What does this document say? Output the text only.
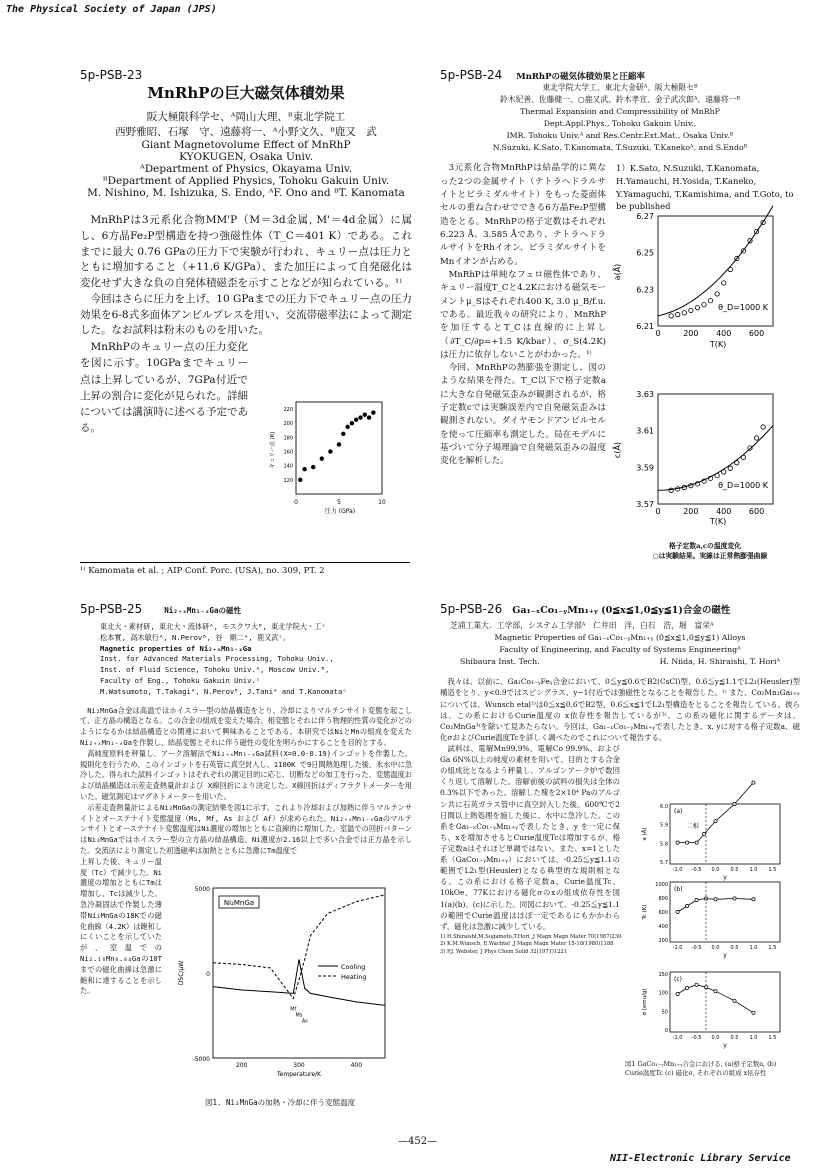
The Physical Society of Japan (JPS)
5p-PSB-23
MnRhPの巨大磁気体積効果
阪大極限科学セ、ᴬ岡山大理、ᴮ東北学院工
西野雅昭、石塚　守、遠藤将一、ᴬ小野文久、ᴮ鹿又　武
Giant Magnetovolume Effect of MnRhP
KYOKUGEN, Osaka Univ.
ᴬDepartment of Physics, Okayama Univ.
ᴮDepartment of Applied Physics, Tohoku Gakuin Univ.
M. Nishino, M. Ishizuka, S. Endo, ᴬF. Ono and ᴮT. Kanomata
MnRhPは3元系化合物MM'P（M＝3d金属, M'＝4d金属）に属し、6方晶Fe₂P型構造を持つ強磁性体（T_C＝401 K）である。これまでに最大 0.76 GPaの圧力下で実験が行われ、キュリー点は圧力とともに増加すること（+11.6 K/GPa）、また加圧によって自発磁化は変化せず大きな負の自発体積磁歪を示すことなどが知られている。¹⁾
今回はさらに圧力を上げ、10 GPaまでの圧力下でキュリー点の圧力効果を6-8式多面体アンビルプレスを用い、交流帯磁率法によって測定した。なお試料は粉末のものを用いた。
MnRhPのキュリー点の圧力変化を図に示す。10GPaまでキュリー点は上昇しているが、7GPa付近で上昇の割合に変化が見られた。詳細については講演時に述べる予定である。
0	5	10
220
200
180
160
140
120
圧力 (GPa)
キュリー点 (K)
¹⁾ Kamomata et al. ; AIP Conf. Porc. (USA), no. 309, PT. 2
5p-PSB-24 MnRhPの磁気体積効果と圧縮率
東北学院大学工、東北大金研ᴬ、阪大極限セᴮ
鈴木紀善、佐藤健一、○鹿又武、鈴木孝宣、金子武次郎ᴬ、遠藤将一ᴮ
Thermal Expansion and Compressibility of MnRhP
Dept.Appl.Phys., Tohoku Gakuin Univ.,
IMR. Tohoku Univ.ᴬ and Res.Centr.Ext.Mat., Osaka Univ.ᴮ
N.Suzuki, K.Sato, T.Kanomata, T.Suzuki, T.Kanekoᴬ, and S.Endoᴮ
3元系化合物MnRhPは結晶学的に異なった2つの金属サイト（テトラヘドラルサイトとピラミダルサイト）をもった菱面体セルの重ね合わせでできる6方晶Fe₂P型構造をとる。MnRhPの格子定数はそれぞれ6.223 Å、3.585 Åであり、テトラヘドラルサイトをRhイオン、ピラミダルサイトをMnイオンが占める。
MnRhPは単純なフェロ磁性体であり、キュリー温度T_Cと4.2Kにおける磁気モーメントμ_Sはそれぞれ400 K, 3.0 μ_B/f.u.である。最近我々の研究により、MnRhPを加圧するとT_Cは直線的に上昇し（∂T_C/∂p=+1.5 K/kbar）、σ_S(4.2K)は圧力に依存しないことがわかった。¹⁾
今回、MnRhPの熱膨張を測定し、図のような結果を得た。T_C以下で格子定数aに大きな自発磁気歪みが観測されるが、格子定数cでは実験誤差内で自発磁気歪みは観測されない。ダイヤモンドアンビルセルを使って圧縮率も測定した。局在モデルに基づいて分子場理論で自発磁気歪みの温度変化を解析した。
1）K.Sato, N.Suzuki, T.Kanomata, H.Yamauchi, H.Yosida, T.Kaneko, Y.Yamaguchi, T.Kamishima, and T.Goto, to be published
6.27
6.25
6.23
6.21
0	200 400 600
T(K)
a(Å)
θ_D=1000 K
3.63
3.61
3.59
3.57
0	200 400 600
T(K)
c(Å)
θ_D=1000 K
格子定数a,cの温度変化
○は実験結果。実線は正常熱膨張曲線
5p-PSB-25	Ni₂₊ₓMn₁₋ₓGaの磁性
東北大・素材研, 東北大・流体研ᴬ, モスクワ大ᴮ, 東北学院大・工ᶜ
松本實, 高木敏行ᴬ, N.Perovᴮ, 谷　順二ᴬ, 鹿又武ᶜ。
Magnetic properties of Ni₂₊ₓMn₁₋ₓGa
Inst. for Advanced Materials Processing, Tohoku Univ.,
Inst. of Fluid Science, Tohoku Univ.ᴬ, Moscow Univ.ᴮ,
Faculty of Eng., Tohoku Gakuin Univ.ᶜ
M.Watsumoto, T.Takagiᴬ, N.Perovᴮ, J.Taniᴬ and T.Kanomataᶜ
Ni₂MnGa合金は高温ではホイスラー型の結晶構造をとり、冷却によりマルテンサイト変態を起こして、正方晶の構造となる。この合金の組成を変えた場合、相変態とそれに伴う物理的性質の変化がどのようになるかは結晶構造との関連において興味あることである。本研究ではNiとMnの組成を変えたNi₂₊ₓMn₁₋ₓGaを作製し、結晶変態とそれに伴う磁性の変化を明らかにすることを目的とする。
高純度原料を秤量し、アーク溶解法でNi₂₊ₓMn₁₋ₓGa試料(X=0.0-0.19)インゴットを作製した。規則化を行うため、このインゴットを石英管に真空封入し、1100K で9日間熱処理した後、氷水中に急冷した。得られた試料インゴットはそれぞれの測定目的に応じ、切断などの加工を行った。変態温度および結晶構造は示差走査熱量計および X線回折により決定した。X線回折はディフラクトメーターを用いた。磁気測定はマグネトメーターを用いた。
示差走査熱量計によるNi₂MnGaの測定結果を図1に示す。これより冷却および加熱に伴うマルテンサイトとオーステナイト変態温度（Ms, Mf, As および Af）が求められた。Ni₂₊ₓMn₁₋ₓGaのマルテンサイトとオーステナイト変態温度はNi濃度の増加とともに直線的に増加した。室温での回折パターンはNi₂MnGaではホイスラー型の立方晶の結晶構造、Ni濃度が2.16以上で多い合金では正方晶を示した。交流法により測定した初透磁率は加熱とともに急激にTm温度で
上昇した後、キュリー温度（Tc）で減少した。Ni濃度の増加とともにTmは増加し、Tcは減少した。急冷凝固法で作製した薄帯Ni₂MnGaの18Kでの磁化曲線（4.2K）は飽和しにくいことを示していたが、室温でのNi₂.₁₆Mn₀.₈₄Gaの10Tまでの磁化曲線は急激に飽和に達することを示した。
5000
0
-5000
200	300	400
Temperature/K
DSC/μW
Ni₂MnGa
Cooling
Heating
Mf
Ms
As
図1. Ni₂MnGaの加熱・冷却に伴う変態温度
5p-PSB-26 Ga₁₋ₓCo₁₋ᵧMn₁₊ᵧ (0≦x≦1,0≦y≦1)合金の磁性
芝浦工業大．工学部，システム工学部ᴬ　仁井田　洋，白石　浩，堀　富栄ᴬ
Magnetic Properties of Ga₁₋ₓCo₁₋ᵧMn₁₊ᵧ (0≦x≦1,0≦y≦1) Alloys
Faculty of Engineering, and Faculty of Systems Engineeringᴬ
Shibaura Inst. Tech.	H. Niida, H. Shiraishi, T. Horiᴬ
我々は、以前に、Ga₁Co₁₋ᵧFeᵧ合金において、0≦y≦0.6でB2(CsCl)型、0.6≦y≦1.1でL2₁(Heusler)型構造をとり、y<0.9ではスピングラス、y~1付近では強磁性となることを報告した。¹⁾ また、Co₂Mn₁Ga₁₊ₓについては、Wunsch etal²⁾は0≦x≦0.6でB2型、0.6≦x≦1でL2₁型構造をとることを報告している。彼らは、この系におけるCurie温度の x依存性を報告しているが³⁾、この系の磁化に関するデータは、Co₂MnGa³⁾を除いて見あたらない。今回は、Ga₁₋ₓCo₁₋ᵧMn₁₊ᵧで表したとき、x, yに対する格子定数a、磁化σおよびCurie温度Tcを詳しく調べたのでこれについて報告する。
試料は、電解Mn99.9%、電解Co 99.9%、およびGa 6N%以上の純度の素材を用いて、目的とする合金の組成比となるよう秤量し、アルゴンアーク炉で数回くり返して溶解した。溶解前後の試料の損失は全体の0.3%以下であった。溶解した塊を2×10⁴ Paのアルゴン共に石英ガラス管中に真空封入した後、600℃で2日間以上熱処理を施した後に、水中に急冷した。この系をGa₁₋ₓCo₁₋ᵧMn₁₊ᵧで表したとき、y を一定に保ち、xを増加させるとCurie温度Tcは増加するが、格子定数aはそれほど単調ではない。また、x=1とした系（GaCo₁₋ᵧMn₁₊ᵧ）においては、-0.25≦y≦1.1の範囲でL2₁型(Heusler)となる典型的な規則相となる。この系における格子定数a、Curie温度Tc、10kOe、77Kにおける磁化σのxの組成依存性を図1(a)(b)、(c)に示した。同図において、-0.25≦y≦1.1の範囲でCurie温度はほぼ一定であるにもかかわらず、磁化は急激に減少している。
1) H.Shiraishi,M.Sugamoto,T.Hori ,J Magn Magn Mater 70(1987)230
2) K.M.Wunsch, E.Wachtel ,J Magn Magn Mater 15-18(1980)1188
3) P.J. Webster, J Phys Chem Solid 32(1971)1221
(a)
6.0
5.9
5.8
5.7
-1.0 -0.5 0.0 0.5 1.0 1.5
y
a (Å)
二相
(b)
1000
800
600
400
200
-1.0 -0.5 0.0 0.5 1.0 1.5
y
Tc (K)
(c)
150
100
50
0
-1.0 -0.5 0.0 0.5 1.0 1.5
y
σ (emu/g)
図1 GaCo₁₋ᵧMn₁₊ᵧ合金における, (a)格子定数a, (b) Curie温度Tc (c) 磁化σ, それぞれの組成 x依存性
—452—
NII-Electronic Library Service
